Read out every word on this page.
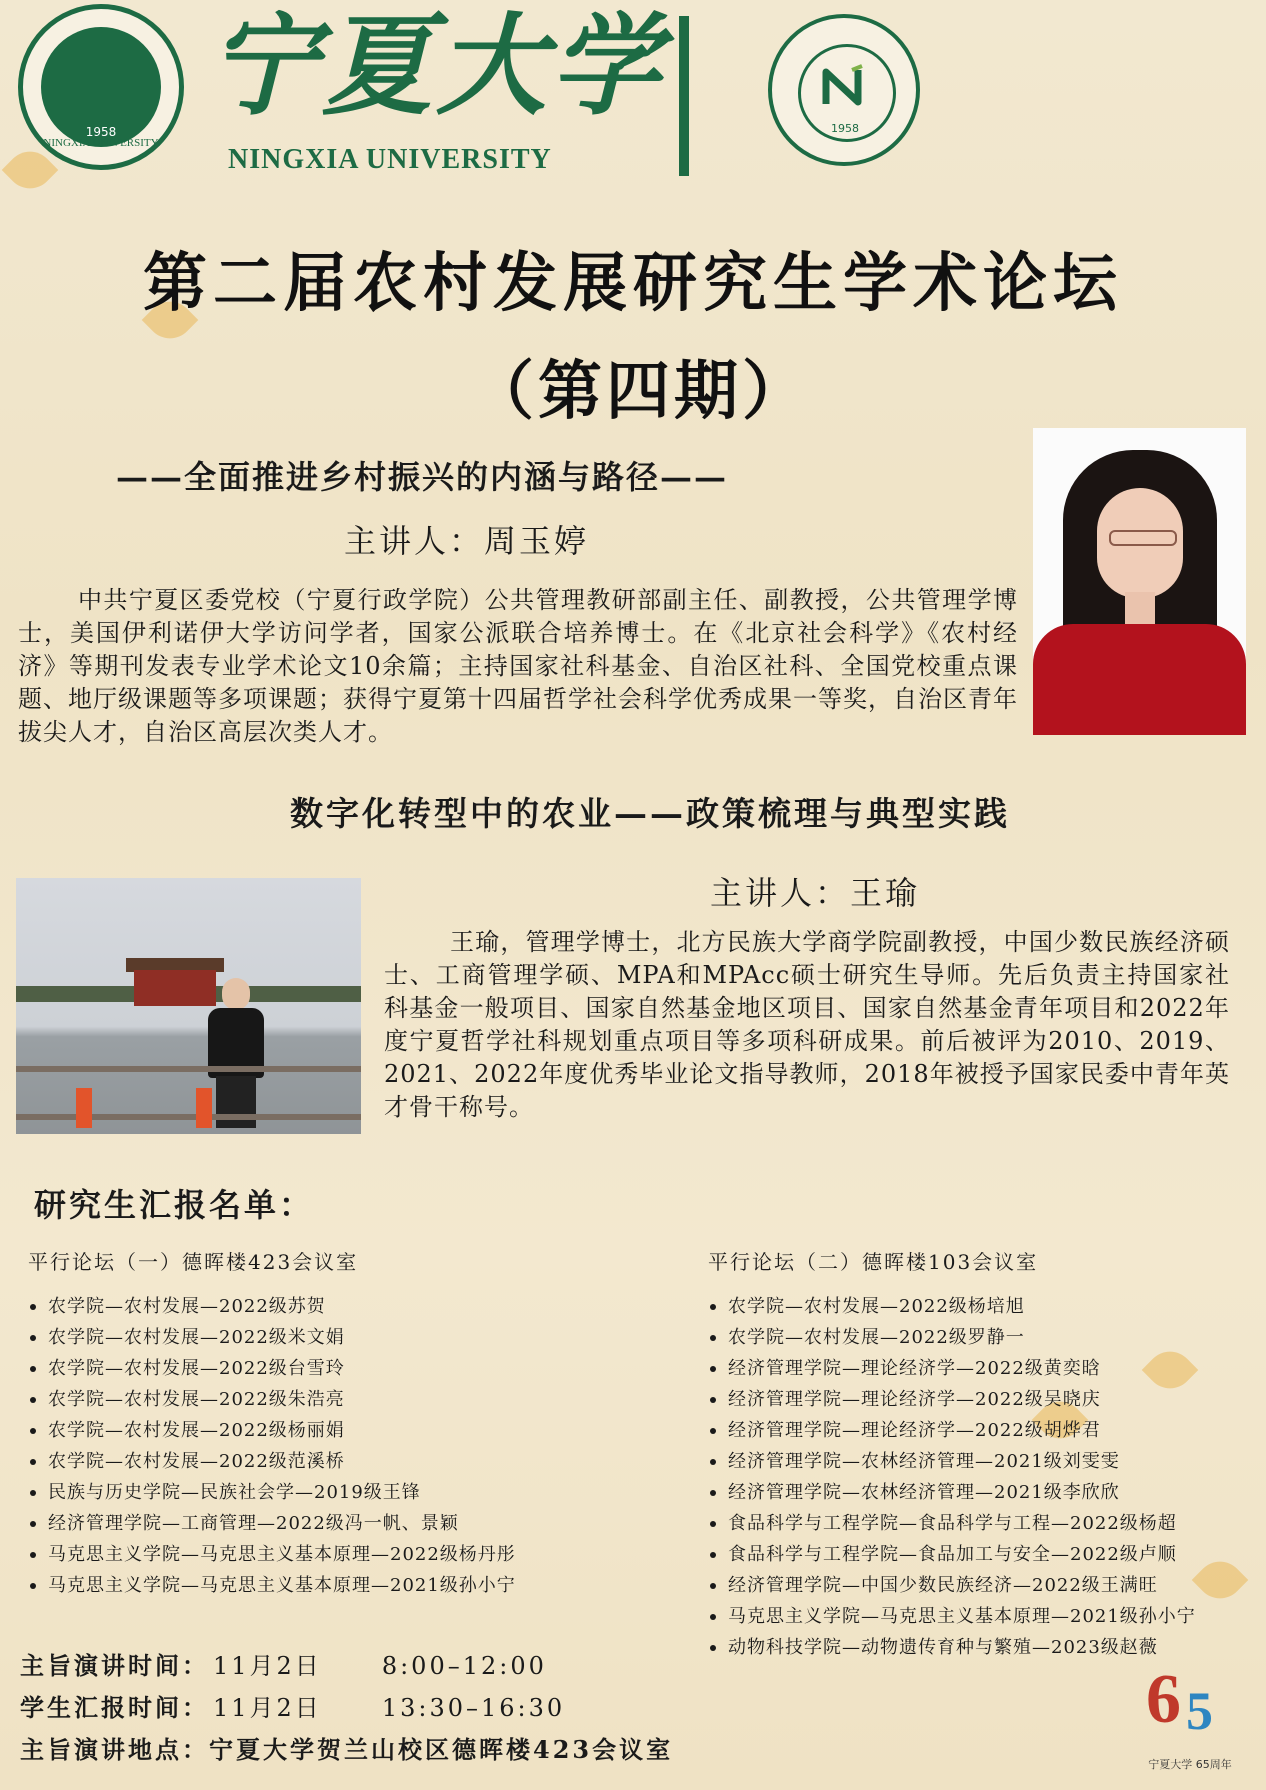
1958
NINGXIA UNIVERSITY
宁夏大学
NINGXIA UNIVERSITY
1958
第二届农村发展研究生学术论坛
（第四期）
——全面推进乡村振兴的内涵与路径——
主讲人：周玉婷
中共宁夏区委党校（宁夏行政学院）公共管理教研部副主任、副教授，公共管理学博士，美国伊利诺伊大学访问学者，国家公派联合培养博士。在《北京社会科学》《农村经济》等期刊发表专业学术论文10余篇；主持国家社科基金、自治区社科、全国党校重点课题、地厅级课题等多项课题；获得宁夏第十四届哲学社会科学优秀成果一等奖，自治区青年拔尖人才，自治区高层次类人才。
数字化转型中的农业——政策梳理与典型实践
主讲人：王瑜
王瑜，管理学博士，北方民族大学商学院副教授，中国少数民族经济硕士、工商管理学硕、MPA和MPAcc硕士研究生导师。先后负责主持国家社科基金一般项目、国家自然基金地区项目、国家自然基金青年项目和2022年度宁夏哲学社科规划重点项目等多项科研成果。前后被评为2010、2019、2021、2022年度优秀毕业论文指导教师，2018年被授予国家民委中青年英才骨干称号。
研究生汇报名单：
平行论坛（一）德晖楼423会议室
农学院—农村发展—2022级苏贺
农学院—农村发展—2022级米文娟
农学院—农村发展—2022级台雪玲
农学院—农村发展—2022级朱浩亮
农学院—农村发展—2022级杨丽娟
农学院—农村发展—2022级范溪桥
民族与历史学院—民族社会学—2019级王锋
经济管理学院—工商管理—2022级冯一帆、景颖
马克思主义学院—马克思主义基本原理—2022级杨丹彤
马克思主义学院—马克思主义基本原理—2021级孙小宁
平行论坛（二）德晖楼103会议室
农学院—农村发展—2022级杨培旭
农学院—农村发展—2022级罗静一
经济管理学院—理论经济学—2022级黄奕晗
经济管理学院—理论经济学—2022级吴晓庆
经济管理学院—理论经济学—2022级胡烨君
经济管理学院—农林经济管理—2021级刘雯雯
经济管理学院—农林经济管理—2021级李欣欣
食品科学与工程学院—食品科学与工程—2022级杨超
食品科学与工程学院—食品加工与安全—2022级卢顺
经济管理学院—中国少数民族经济—2022级王满旺
马克思主义学院—马克思主义基本原理—2021级孙小宁
动物科技学院—动物遗传育种与繁殖—2023级赵薇
主旨演讲时间： 11月2日	8:00–12:00
学生汇报时间： 11月2日	13:30–16:30
主旨演讲地点：宁夏大学贺兰山校区德晖楼423会议室
6 5
宁夏大学 65周年
